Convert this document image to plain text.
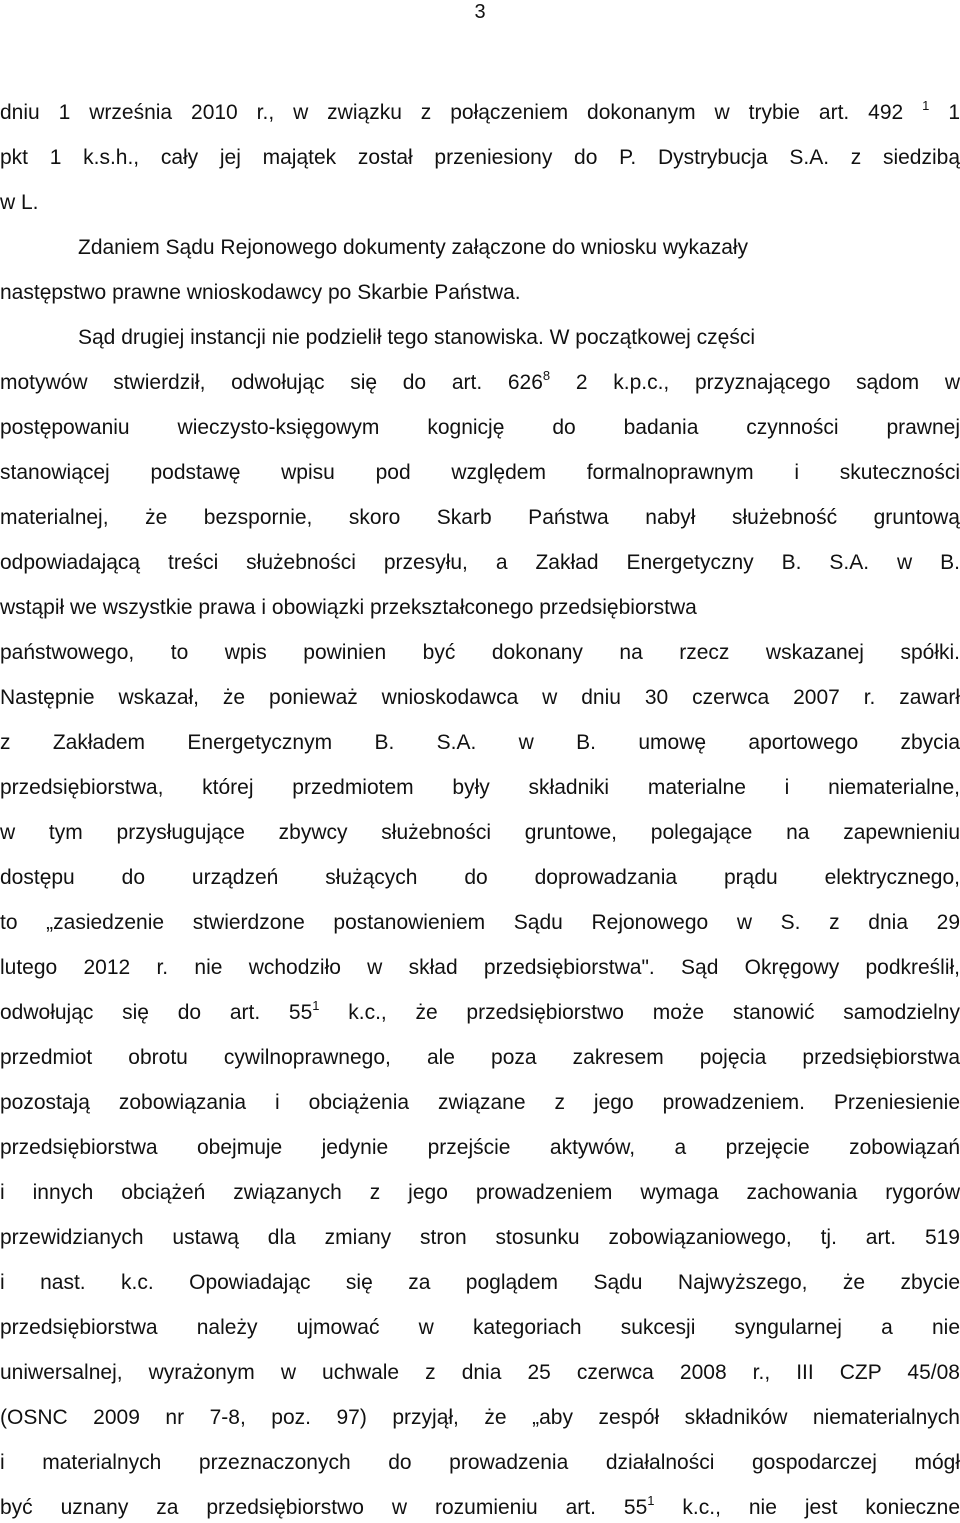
3
dniu 1 września 2010 r., w związku z połączeniem dokonanym w trybie art. 492 $^1$ 1
pkt 1 k.s.h., cały jej majątek został przeniesiony do P. Dystrybucja S.A. z siedzibą
w L.
Zdaniem Sądu Rejonowego dokumenty załączone do wniosku wykazały
następstwo prawne wnioskodawcy po Skarbie Państwa.
Sąd drugiej instancji nie podzielił tego stanowiska. W początkowej części
motywów stwierdził, odwołując się do art. $626^8$ 2 k.p.c., przyznającego sądom w
postępowaniu wieczysto-księgowym kognicję do badania czynności prawnej
stanowiącej podstawę wpisu pod względem formalnoprawnym i skuteczności
materialnej, że bezspornie, skoro Skarb Państwa nabył służebność gruntową
odpowiadającą treści służebności przesyłu, a Zakład Energetyczny B. S.A. w B.
wstąpił we wszystkie prawa i obowiązki przekształconego przedsiębiorstwa
państwowego, to wpis powinien być dokonany na rzecz wskazanej spółki.
Następnie wskazał, że ponieważ wnioskodawca w dniu 30 czerwca 2007 r. zawarł
z Zakładem Energetycznym B. S.A. w B. umowę aportowego zbycia
przedsiębiorstwa, której przedmiotem były składniki materialne i niematerialne,
w tym przysługujące zbywcy służebności gruntowe, polegające na zapewnieniu
dostępu do urządzeń służących do doprowadzania prądu elektrycznego,
to „zasiedzenie stwierdzone postanowieniem Sądu Rejonowego w S. z dnia 29
lutego 2012 r. nie wchodziło w skład przedsiębiorstwa". Sąd Okręgowy podkreślił,
odwołując się do art. $55^1$ k.c., że przedsiębiorstwo może stanowić samodzielny
przedmiot obrotu cywilnoprawnego, ale poza zakresem pojęcia przedsiębiorstwa
pozostają zobowiązania i obciążenia związane z jego prowadzeniem. Przeniesienie
przedsiębiorstwa obejmuje jedynie przejście aktywów, a przejęcie zobowiązań
i innych obciążeń związanych z jego prowadzeniem wymaga zachowania rygorów
przewidzianych ustawą dla zmiany stron stosunku zobowiązaniowego, tj. art. 519
i nast. k.c. Opowiadając się za poglądem Sądu Najwyższego, że zbycie
przedsiębiorstwa należy ujmować w kategoriach sukcesji syngularnej a nie
uniwersalnej, wyrażonym w uchwale z dnia 25 czerwca 2008 r., III CZP 45/08
(OSNC 2009 nr 7-8, poz. 97) przyjął, że „aby zespół składników niematerialnych
i materialnych przeznaczonych do prowadzenia działalności gospodarczej mógł
być uznany za przedsiębiorstwo w rozumieniu art. $55^1$ k.c., nie jest konieczne
